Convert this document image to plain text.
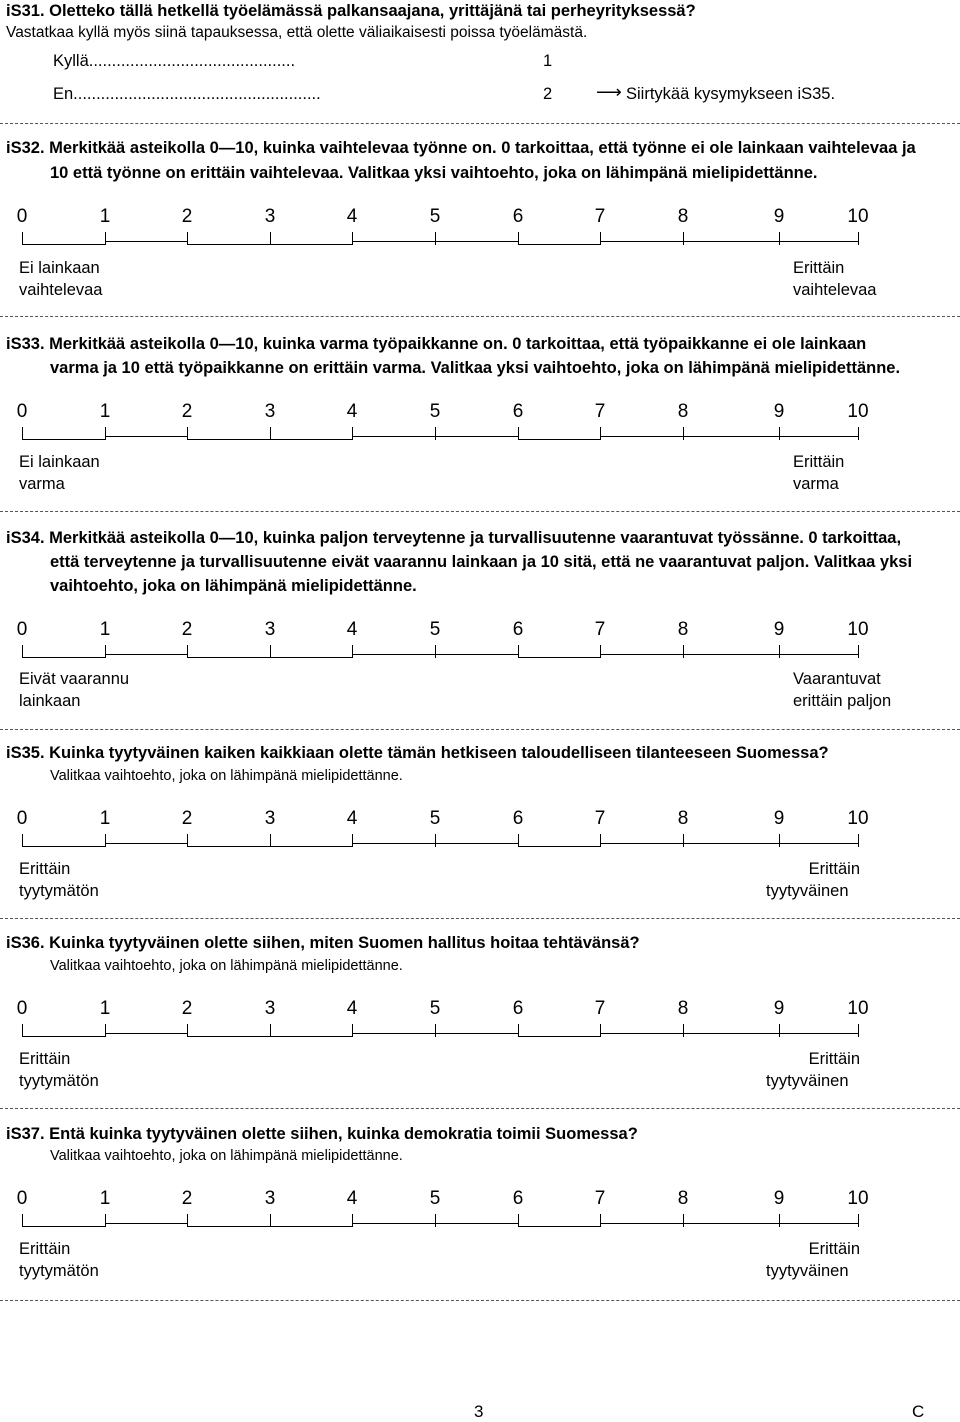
iS31. Oletteko tällä hetkellä työelämässä palkansaajana, yrittäjänä tai perheyrityksessä?
Vastatkaa kyllä myös siinä tapauksessa, että olette väliaikaisesti poissa työelämästä.
Kyllä.............................................	1
En......................................................	2 ⟶ Siirtykää kysymykseen iS35.
iS32. Merkitkää asteikolla 0—10, kuinka vaihtelevaa työnne on. 0 tarkoittaa, että työnne ei ole lainkaan vaihtelevaa ja
10 että työnne on erittäin vaihtelevaa. Valitkaa yksi vaihtoehto, joka on lähimpänä mielipidettänne.
Ei lainkaan
vaihtelevaa
Erittäin
vaihtelevaa
iS33. Merkitkää asteikolla 0—10, kuinka varma työpaikkanne on. 0 tarkoittaa, että työpaikkanne ei ole lainkaan
varma ja 10 että työpaikkanne on erittäin varma. Valitkaa yksi vaihtoehto, joka on lähimpänä mielipidettänne.
Ei lainkaan
varma
Erittäin
varma
iS34. Merkitkää asteikolla 0—10, kuinka paljon terveytenne ja turvallisuutenne vaarantuvat työssänne. 0 tarkoittaa,
että terveytenne ja turvallisuutenne eivät vaarannu lainkaan ja 10 sitä, että ne vaarantuvat paljon. Valitkaa yksi
vaihtoehto, joka on lähimpänä mielipidettänne.
Eivät vaarannu
lainkaan
Vaarantuvat
erittäin paljon
iS35. Kuinka tyytyväinen kaiken kaikkiaan olette tämän hetkiseen taloudelliseen tilanteeseen Suomessa?
Valitkaa vaihtoehto, joka on lähimpänä mielipidettänne.
Erittäin
tyytymätön
Erittäin
tyytyväinen
iS36. Kuinka tyytyväinen olette siihen, miten Suomen hallitus hoitaa tehtävänsä?
Valitkaa vaihtoehto, joka on lähimpänä mielipidettänne.
Erittäin
tyytymätön
Erittäin
tyytyväinen
iS37. Entä kuinka tyytyväinen olette siihen, kuinka demokratia toimii Suomessa?
Valitkaa vaihtoehto, joka on lähimpänä mielipidettänne.
Erittäin
tyytymätön
Erittäin
tyytyväinen
3	C
0	1	2	3	4	5	6	7	8	9	10
0	1	2	3	4	5	6	7	8	9	10
0	1	2	3	4	5	6	7	8	9	10
0	1	2	3	4	5	6	7	8	9	10
0	1	2	3	4	5	6	7	8	9	10
0	1	2	3	4	5	6	7	8	9	10
